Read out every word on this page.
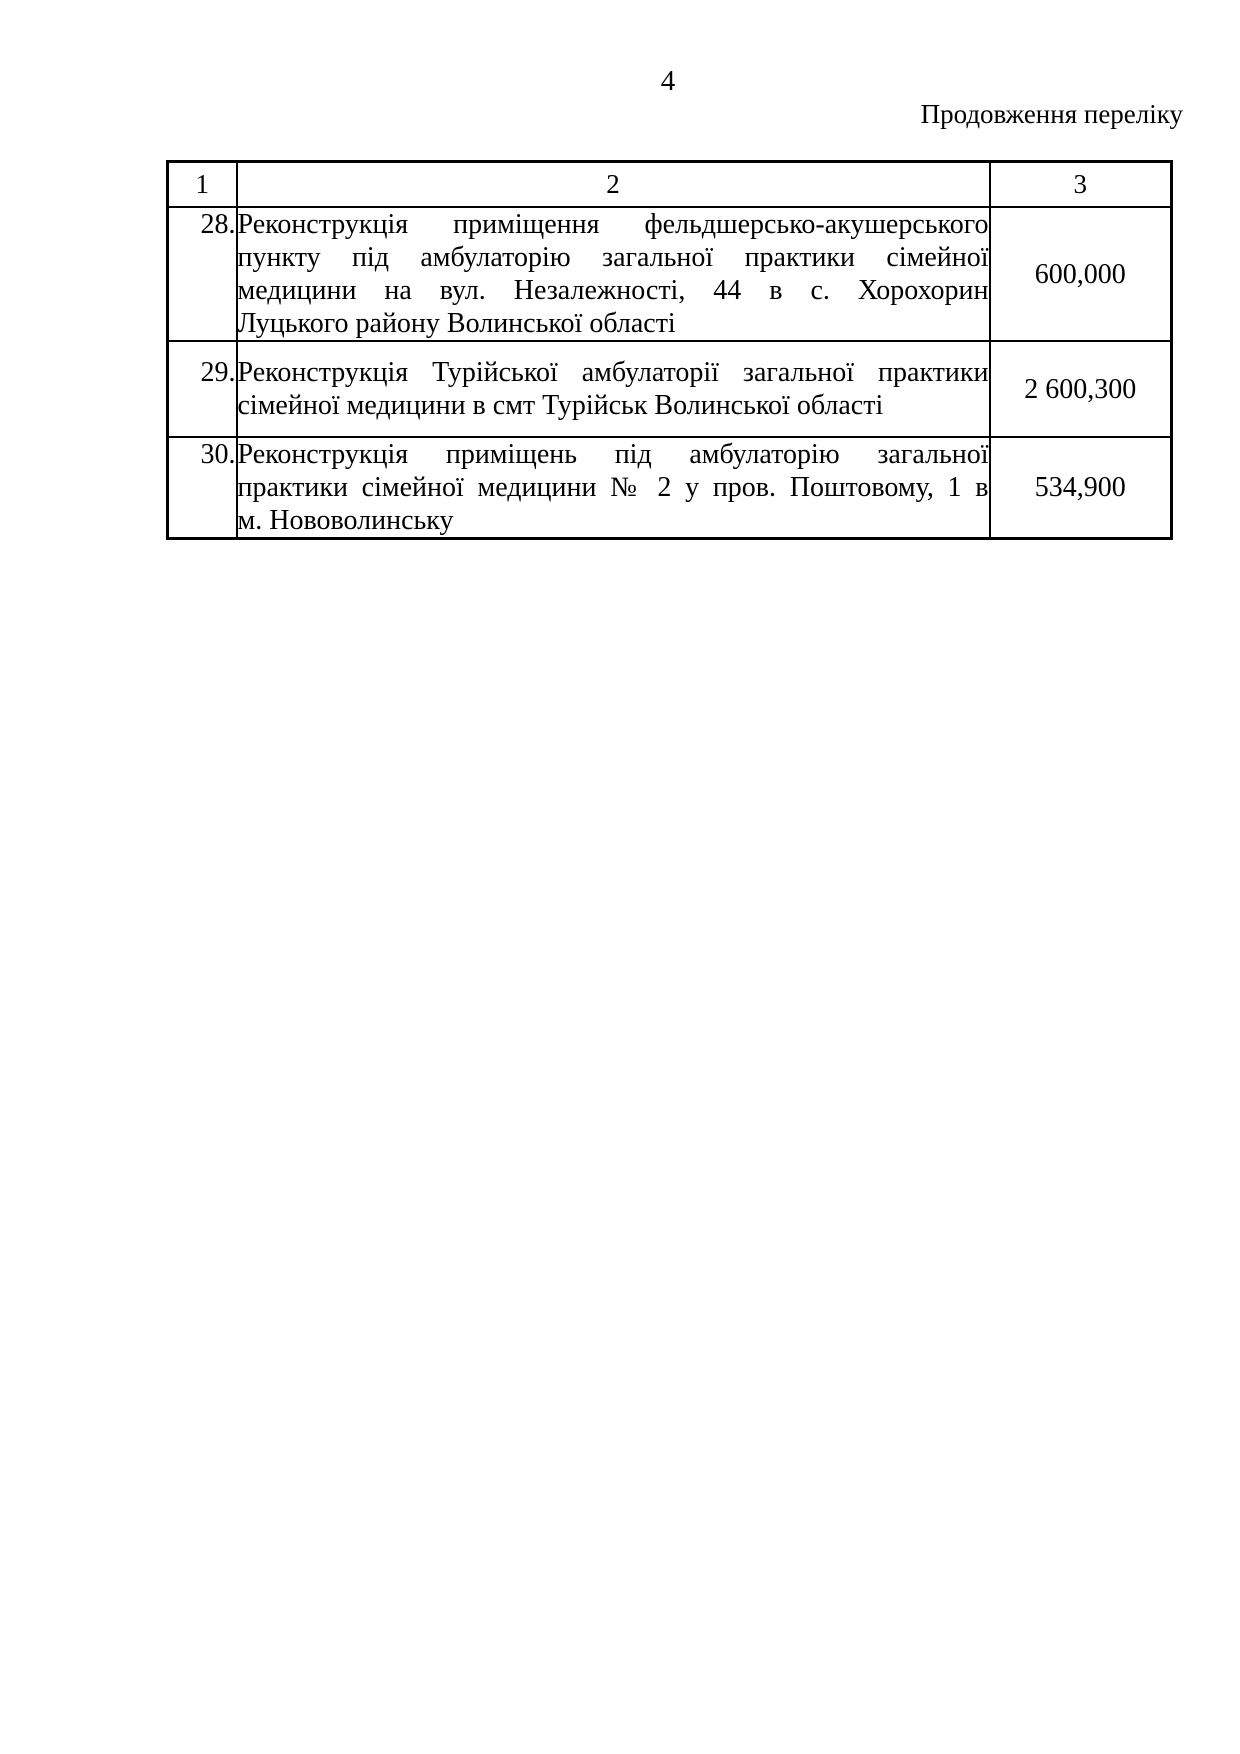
4
Продовження переліку
1	2	3
28.	Реконструкція приміщення фельдшерсько-акушерського
пункту під амбулаторію загальної практики сімейної
медицини на вул. Незалежності, 44 в с. Хорохорин
Луцького району Волинської області	600,000
29.	Реконструкція Турійської амбулаторії загальної практики
сімейної медицини в смт Турійськ Волинської області	2 600,300
30.	Реконструкція приміщень під амбулаторію загальної
практики сімейної медицини № 2 у пров. Поштовому, 1 в
м. Нововолинську	534,900
